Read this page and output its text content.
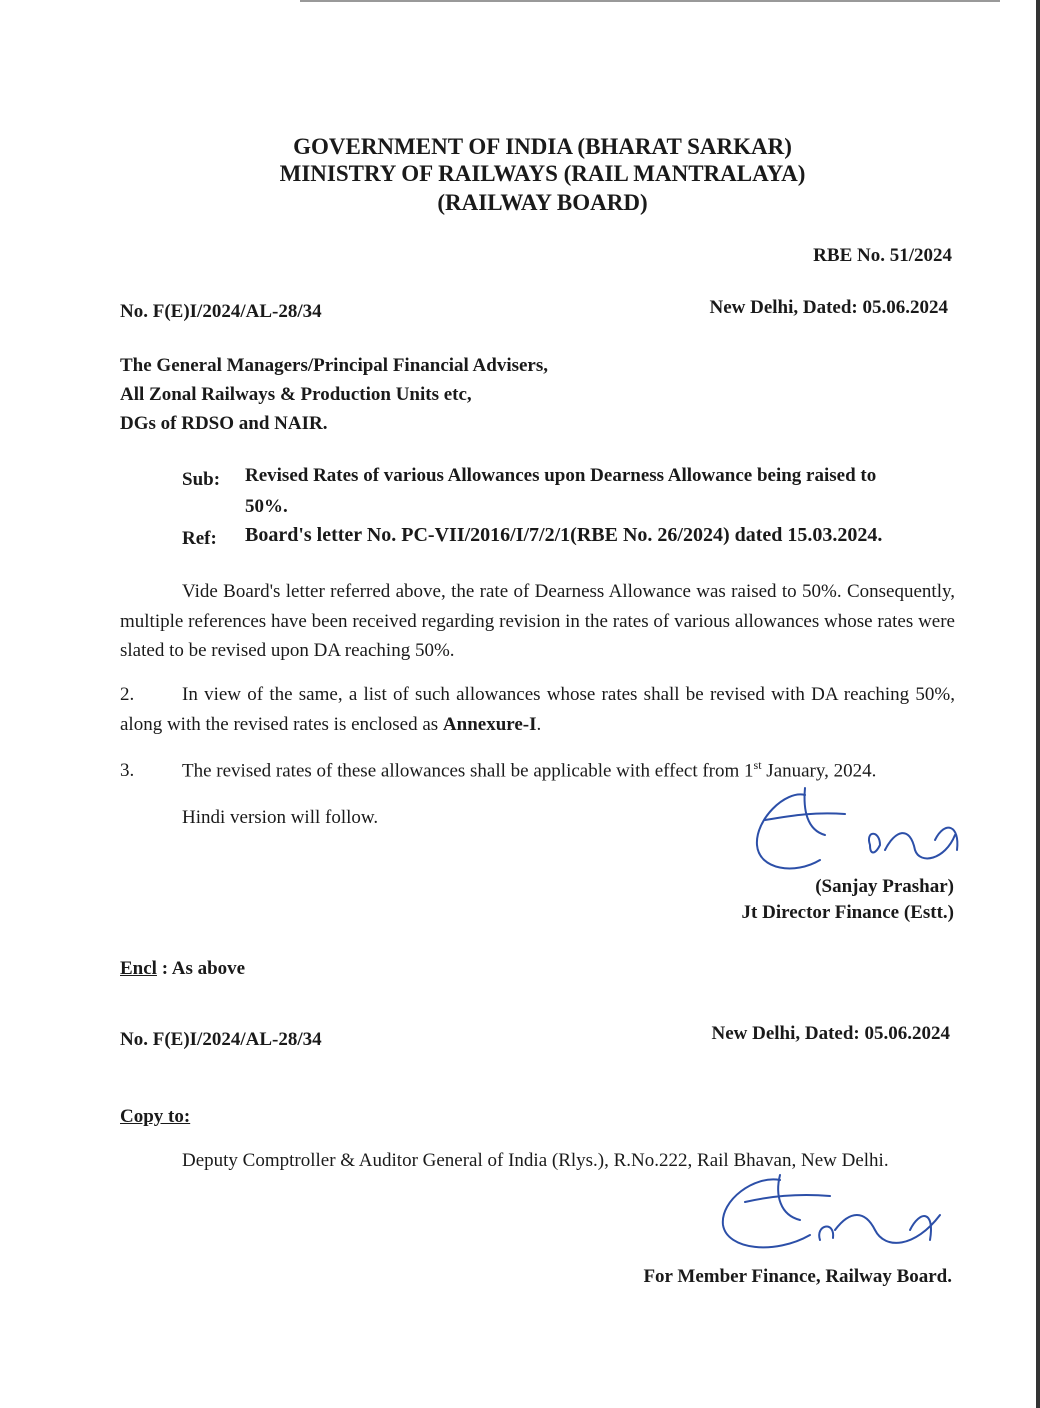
GOVERNMENT OF INDIA (BHARAT SARKAR)
MINISTRY OF RAILWAYS (RAIL MANTRALAYA)
(RAILWAY BOARD)
RBE No. 51/2024
No. F(E)I/2024/AL-28/34	New Delhi, Dated: 05.06.2024
The General Managers/Principal Financial Advisers,
All Zonal Railways & Production Units etc,
DGs of RDSO and NAIR.
Sub: Revised Rates of various Allowances upon Dearness Allowance being raised to
50%.
Ref: Board's letter No. PC-VII/2016/I/7/2/1(RBE No. 26/2024) dated 15.03.2024.
Vide Board's letter referred above, the rate of Dearness Allowance was raised to 50%. Consequently, multiple references have been received regarding revision in the rates of various allowances whose rates were slated to be revised upon DA reaching 50%.
2.	In view of the same, a list of such allowances whose rates shall be revised with DA reaching 50%, along with the revised rates is enclosed as Annexure-I.
3.	The revised rates of these allowances shall be applicable with effect from 1st January, 2024.
Hindi version will follow.
(Sanjay Prashar)
Jt Director Finance (Estt.)
Encl : As above
No. F(E)I/2024/AL-28/34	New Delhi, Dated: 05.06.2024
Copy to:
Deputy Comptroller & Auditor General of India (Rlys.), R.No.222, Rail Bhavan, New Delhi.
For Member Finance, Railway Board.
